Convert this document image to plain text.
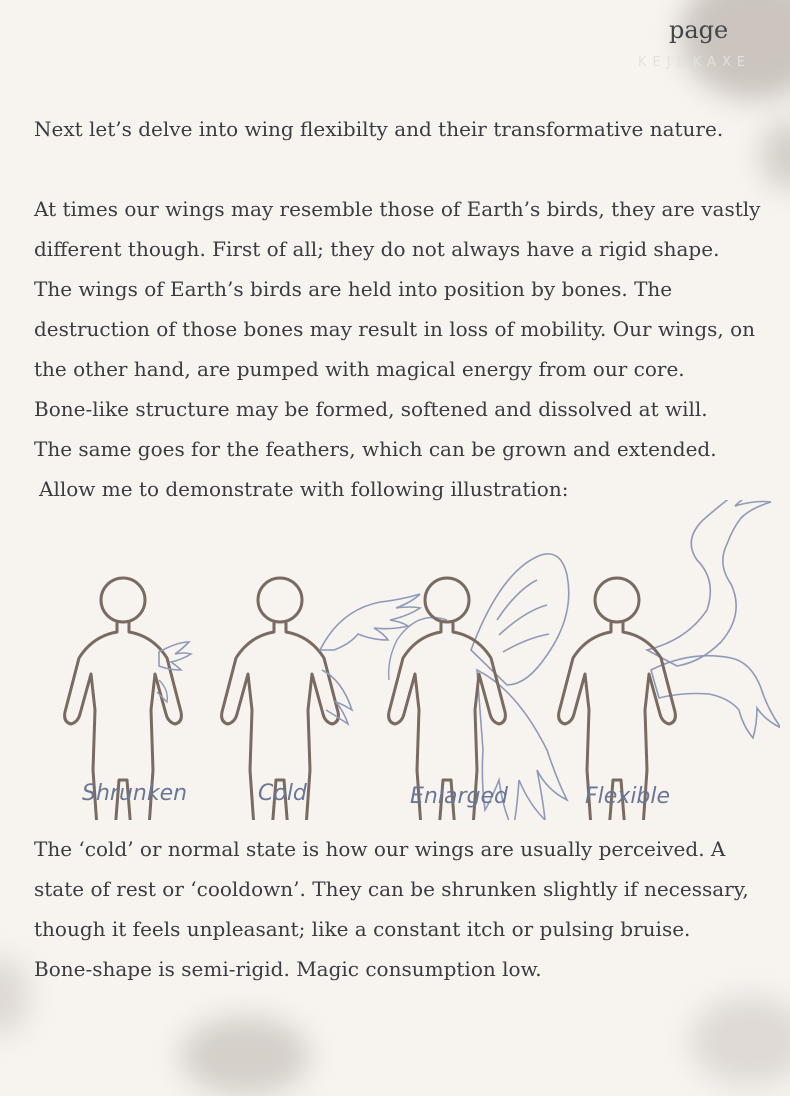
page
KEJOKAXE

Next let’s delve into wing flexibilty and their transformative nature.

At times our wings may resemble those of Earth’s birds, they are vastly
different though. First of all; they do not always have a rigid shape.
The wings of Earth’s birds are held into position by bones. The
destruction of those bones may result in loss of mobility. Our wings, on
the other hand, are pumped with magical energy from our core.
Bone-like structure may be formed, softened and dissolved at will.
The same goes for the feathers, which can be grown and extended.
Allow me to demonstrate with following illustration:

Shrunken	Cold	Enlarged	Flexible

The ‘cold’ or normal state is how our wings are usually perceived. A
state of rest or ‘cooldown’. They can be shrunken slightly if necessary,
though it feels unpleasant; like a constant itch or pulsing bruise.
Bone-shape is semi-rigid. Magic consumption low.
